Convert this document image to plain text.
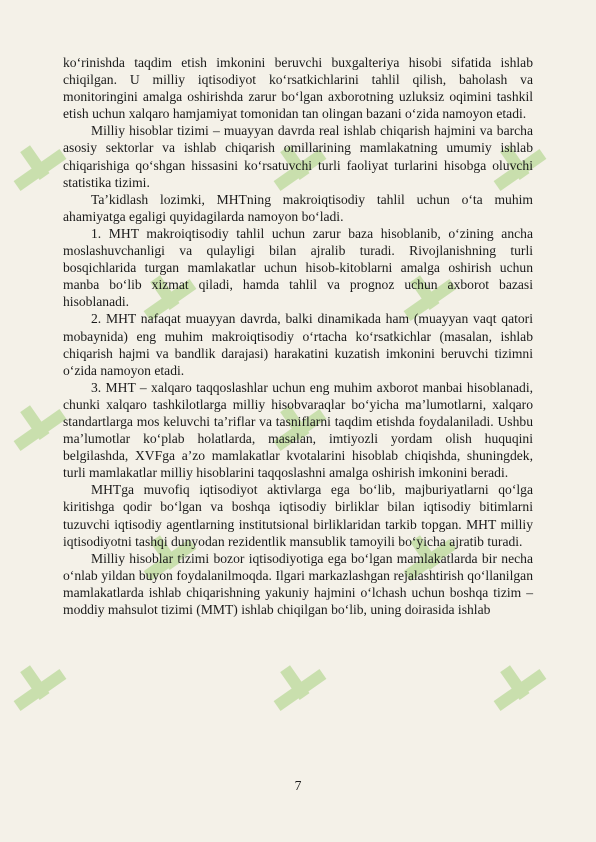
ko‘rinishda taqdim etish imkonini beruvchi buxgalteriya hisobi sifatida ishlab chiqilgan. U milliy iqtisodiyot ko‘rsatkichlarini tahlil qilish, baholash va monitoringini amalga oshirishda zarur bo‘lgan axborotning uzluksiz oqimini tashkil etish uchun xalqaro hamjamiyat tomonidan tan olingan bazani o‘zida namoyon etadi.

Milliy hisoblar tizimi – muayyan davrda real ishlab chiqarish hajmini va barcha asosiy sektorlar va ishlab chiqarish omillarining mamlakatning umumiy ishlab chiqarishiga qo‘shgan hissasini ko‘rsatuvchi turli faoliyat turlarini hisobga oluvchi statistika tizimi.

Ta’kidlash lozimki, MHTning makroiqtisodiy tahlil uchun o‘ta muhim ahamiyatga egaligi quyidagilarda namoyon bo‘ladi.

1. MHT makroiqtisodiy tahlil uchun zarur baza hisoblanib, o‘zining ancha moslashuvchanligi va qulayligi bilan ajralib turadi. Rivojlanishning turli bosqichlarida turgan mamlakatlar uchun hisob-kitoblarni amalga oshirish uchun manba bo‘lib xizmat qiladi, hamda tahlil va prognoz uchun axborot bazasi hisoblanadi.

2. MHT nafaqat muayyan davrda, balki dinamikada ham (muayyan vaqt qatori mobaynida) eng muhim makroiqtisodiy o‘rtacha ko‘rsatkichlar (masalan, ishlab chiqarish hajmi va bandlik darajasi) harakatini kuzatish imkonini beruvchi tizimni o‘zida namoyon etadi.

3. MHT – xalqaro taqqoslashlar uchun eng muhim axborot manbai hisoblanadi, chunki xalqaro tashkilotlarga milliy hisobvaraqlar bo‘yicha ma’lumotlarni, xalqaro standartlarga mos keluvchi ta’riflar va tasniflarni taqdim etishda foydalaniladi. Ushbu ma’lumotlar ko‘plab holatlarda, masalan, imtiyozli yordam olish huquqini belgilashda, XVFga a’zo mamlakatlar kvotalarini hisoblab chiqishda, shuningdek, turli mamlakatlar milliy hisoblarini taqqoslashni amalga oshirish imkonini beradi.

MHTga muvofiq iqtisodiyot aktivlarga ega bo‘lib, majburiyatlarni qo‘lga kiritishga qodir bo‘lgan va boshqa iqtisodiy birliklar bilan iqtisodiy bitimlarni tuzuvchi iqtisodiy agentlarning institutsional birliklaridan tarkib topgan. MHT milliy iqtisodiyotni tashqi dunyodan rezidentlik mansublik tamoyili bo‘yicha ajratib turadi.

Milliy hisoblar tizimi bozor iqtisodiyotiga ega bo‘lgan mamlakatlarda bir necha o‘nlab yildan buyon foydalanilmoqda. Ilgari markazlashgan rejalashtirish qo‘llanilgan mamlakatlarda ishlab chiqarishning yakuniy hajmini o‘lchash uchun boshqa tizim – moddiy mahsulot tizimi (MMT) ishlab chiqilgan bo‘lib, uning doirasida ishlab

7
